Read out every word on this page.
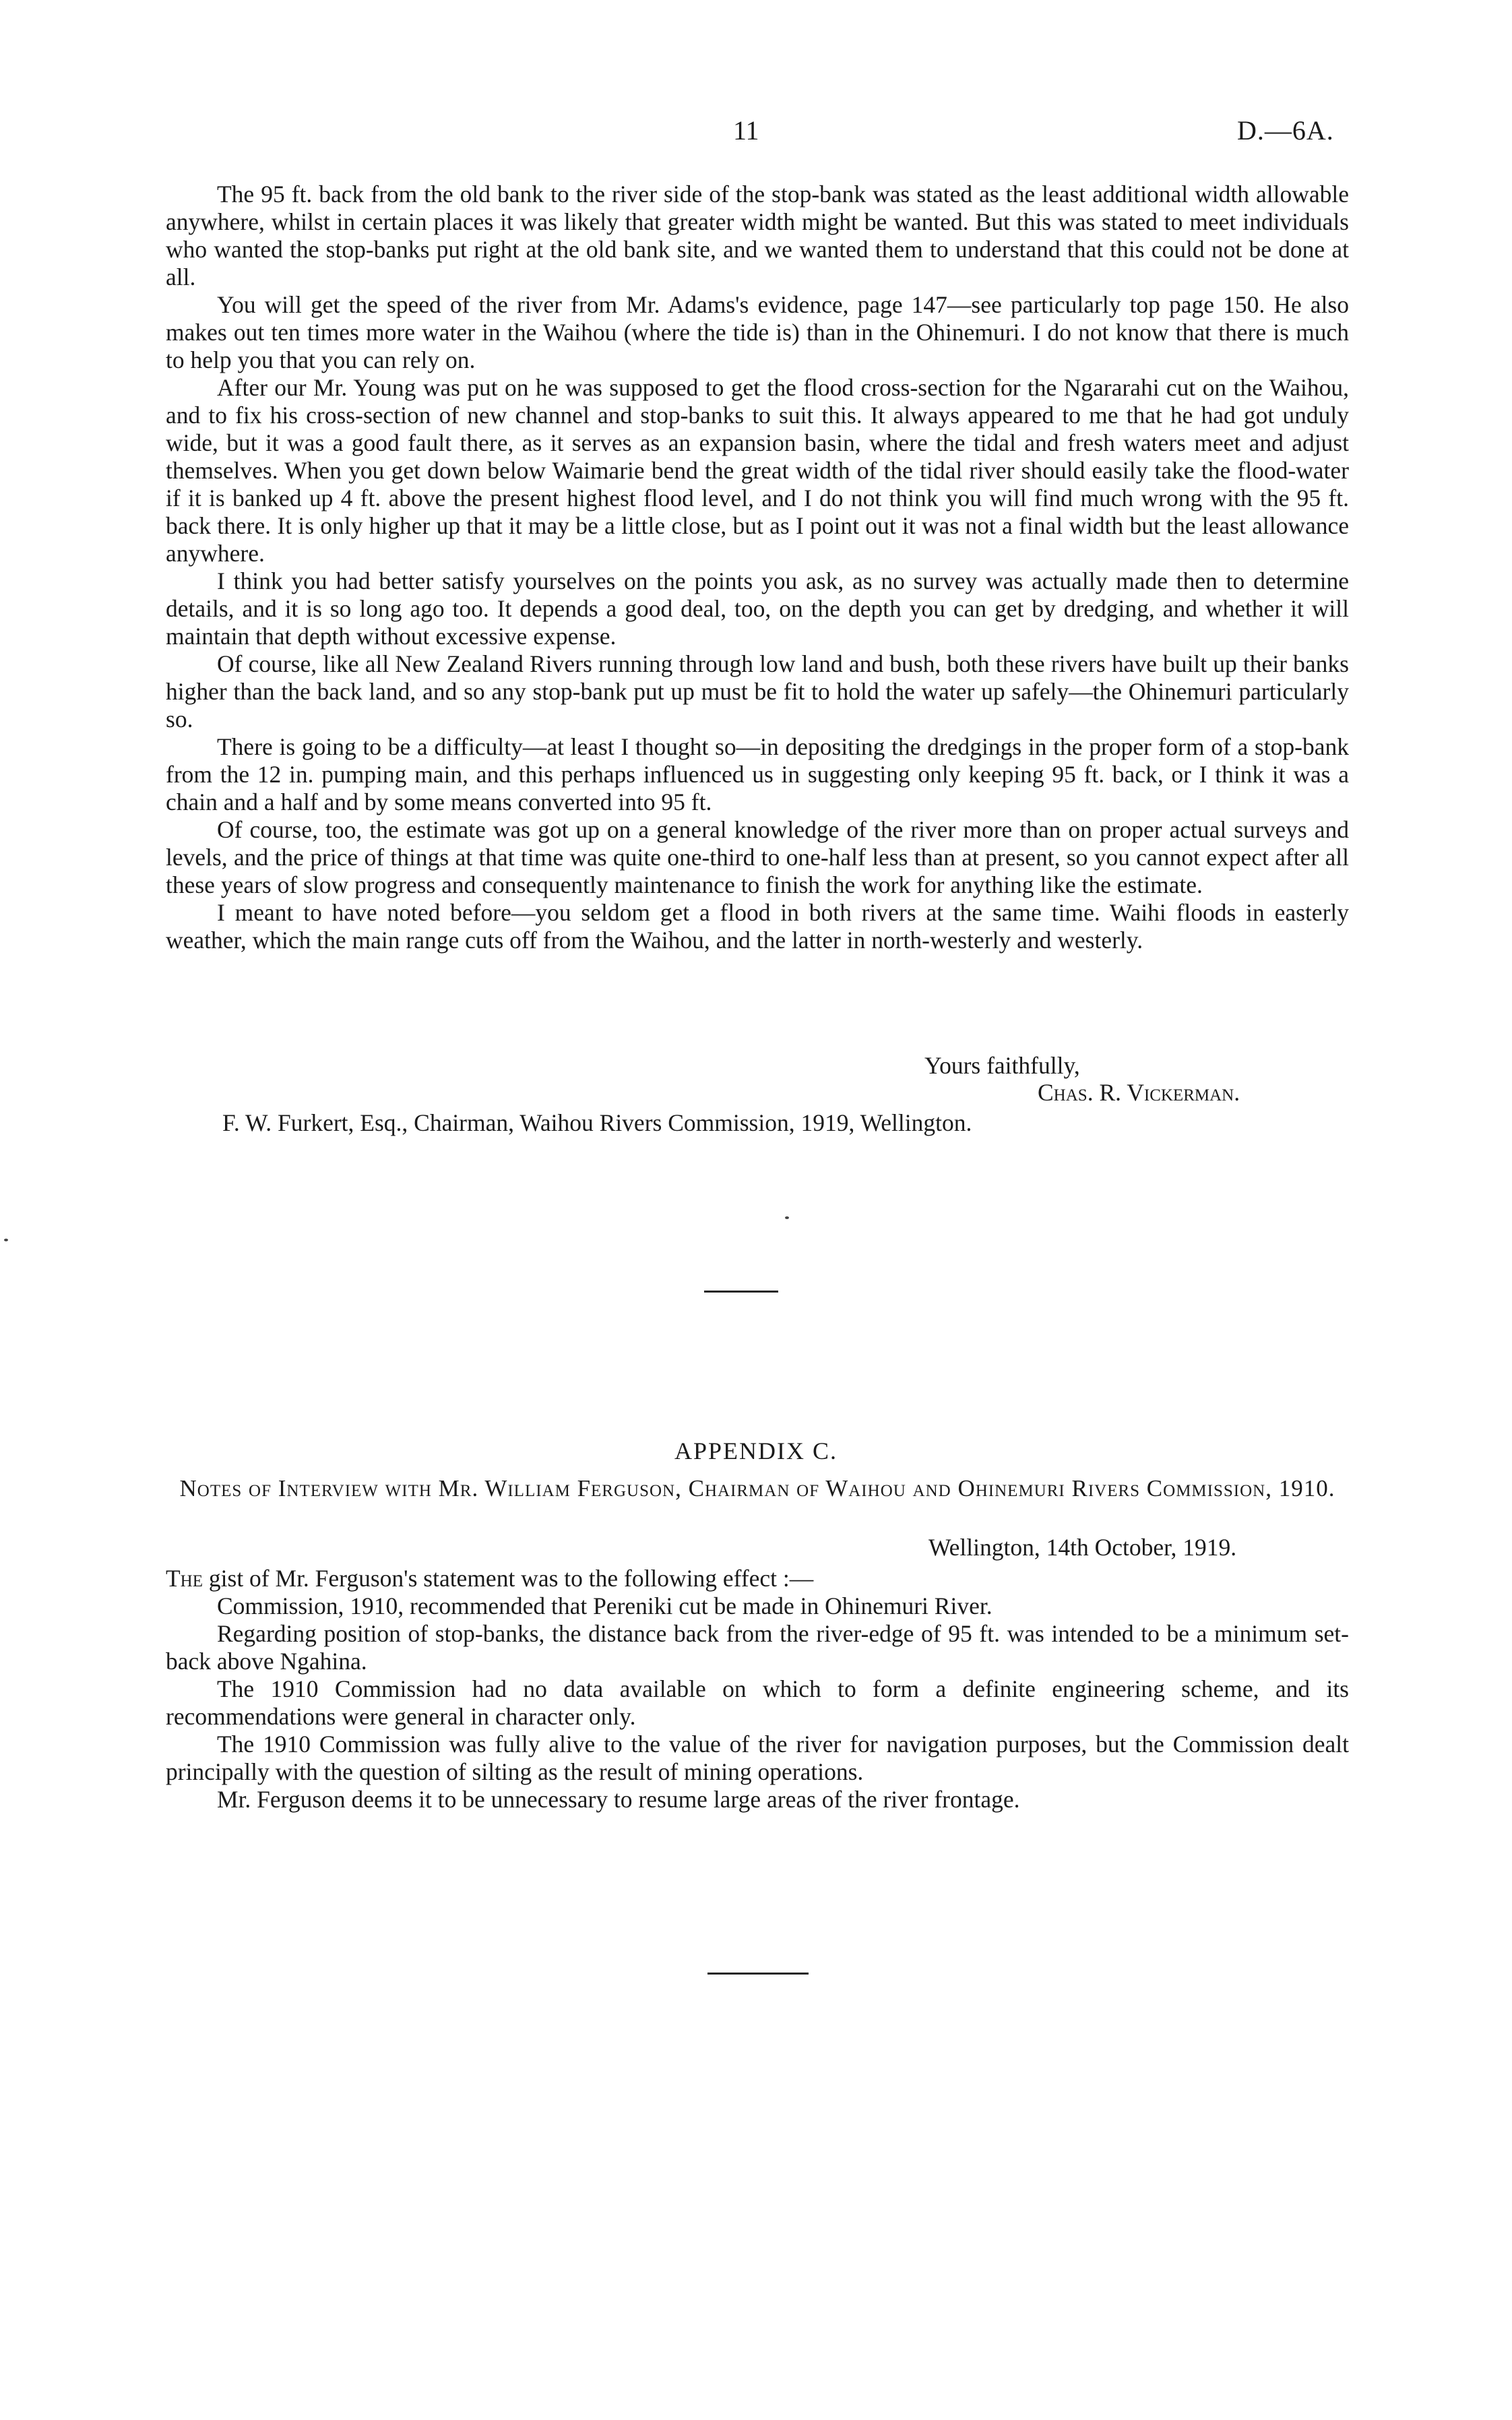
11	D.—6A.

The 95 ft. back from the old bank to the river side of the stop-bank was stated as the least additional width allowable anywhere, whilst in certain places it was likely that greater width might be wanted. But this was stated to meet individuals who wanted the stop-banks put right at the old bank site, and we wanted them to understand that this could not be done at all.

You will get the speed of the river from Mr. Adams's evidence, page 147—see particularly top page 150. He also makes out ten times more water in the Waihou (where the tide is) than in the Ohinemuri. I do not know that there is much to help you that you can rely on.

After our Mr. Young was put on he was supposed to get the flood cross-section for the Ngararahi cut on the Waihou, and to fix his cross-section of new channel and stop-banks to suit this. It always appeared to me that he had got unduly wide, but it was a good fault there, as it serves as an expansion basin, where the tidal and fresh waters meet and adjust themselves. When you get down below Waimarie bend the great width of the tidal river should easily take the flood-water if it is banked up 4 ft. above the present highest flood level, and I do not think you will find much wrong with the 95 ft. back there. It is only higher up that it may be a little close, but as I point out it was not a final width but the least allowance anywhere.

I think you had better satisfy yourselves on the points you ask, as no survey was actually made then to determine details, and it is so long ago too. It depends a good deal, too, on the depth you can get by dredging, and whether it will maintain that depth without excessive expense.

Of course, like all New Zealand Rivers running through low land and bush, both these rivers have built up their banks higher than the back land, and so any stop-bank put up must be fit to hold the water up safely—the Ohinemuri particularly so.

There is going to be a difficulty—at least I thought so—in depositing the dredgings in the proper form of a stop-bank from the 12 in. pumping main, and this perhaps influenced us in suggesting only keeping 95 ft. back, or I think it was a chain and a half and by some means converted into 95 ft.

Of course, too, the estimate was got up on a general knowledge of the river more than on proper actual surveys and levels, and the price of things at that time was quite one-third to one-half less than at present, so you cannot expect after all these years of slow progress and consequently maintenance to finish the work for anything like the estimate.

I meant to have noted before—you seldom get a flood in both rivers at the same time. Waihi floods in easterly weather, which the main range cuts off from the Waihou, and the latter in north-westerly and westerly.

Yours faithfully,
Chas. R. Vickerman.
F. W. Furkert, Esq., Chairman, Waihou Rivers Commission, 1919, Wellington.
APPENDIX C.
Notes of Interview with Mr. William Ferguson, Chairman of Waihou and Ohinemuri Rivers Commission, 1910.
Wellington, 14th October, 1919.

The gist of Mr. Ferguson's statement was to the following effect :—

Commission, 1910, recommended that Pereniki cut be made in Ohinemuri River.

Regarding position of stop-banks, the distance back from the river-edge of 95 ft. was intended to be a minimum set-back above Ngahina.

The 1910 Commission had no data available on which to form a definite engineering scheme, and its recommendations were general in character only.

The 1910 Commission was fully alive to the value of the river for navigation purposes, but the Commission dealt principally with the question of silting as the result of mining operations.

Mr. Ferguson deems it to be unnecessary to resume large areas of the river frontage.
